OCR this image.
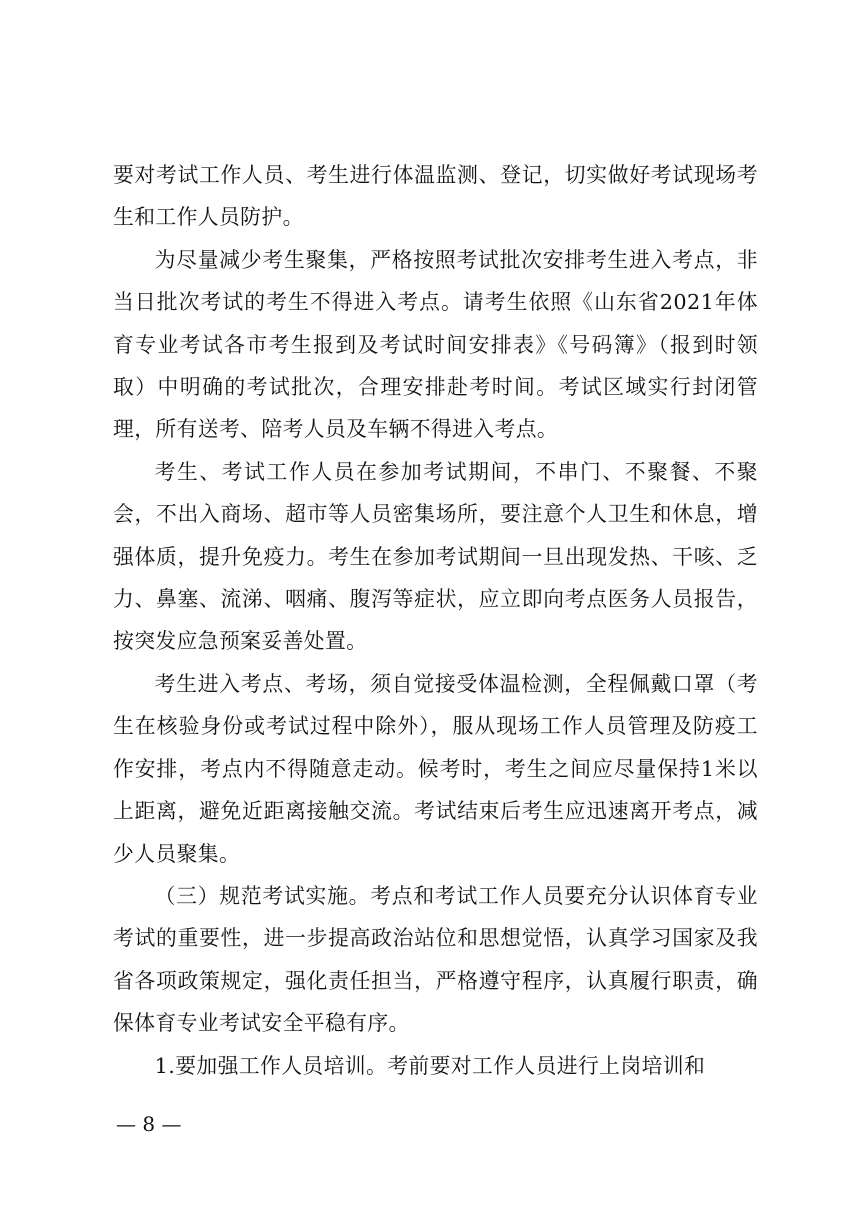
要对考试工作人员、考生进行体温监测、登记，切实做好考试现场考生和工作人员防护。

为尽量减少考生聚集，严格按照考试批次安排考生进入考点，非当日批次考试的考生不得进入考点。请考生依照《山东省2021年体育专业考试各市考生报到及考试时间安排表》《号码簿》（报到时领取）中明确的考试批次，合理安排赴考时间。考试区域实行封闭管理，所有送考、陪考人员及车辆不得进入考点。

考生、考试工作人员在参加考试期间，不串门、不聚餐、不聚会，不出入商场、超市等人员密集场所，要注意个人卫生和休息，增强体质，提升免疫力。考生在参加考试期间一旦出现发热、干咳、乏力、鼻塞、流涕、咽痛、腹泻等症状，应立即向考点医务人员报告，按突发应急预案妥善处置。

考生进入考点、考场，须自觉接受体温检测，全程佩戴口罩（考生在核验身份或考试过程中除外），服从现场工作人员管理及防疫工作安排，考点内不得随意走动。候考时，考生之间应尽量保持1米以上距离，避免近距离接触交流。考试结束后考生应迅速离开考点，减少人员聚集。

（三）规范考试实施。考点和考试工作人员要充分认识体育专业考试的重要性，进一步提高政治站位和思想觉悟，认真学习国家及我省各项政策规定，强化责任担当，严格遵守程序，认真履行职责，确保体育专业考试安全平稳有序。

1.要加强工作人员培训。考前要对工作人员进行上岗培训和

— 8 —
